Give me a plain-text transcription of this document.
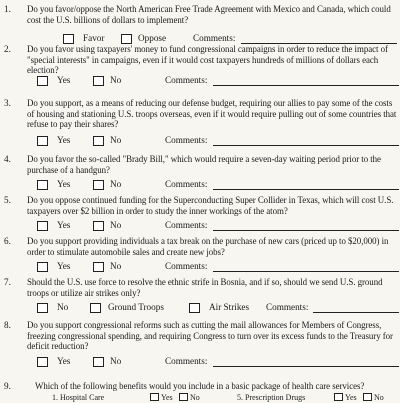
1. Do you favor/oppose the North American Free Trade Agreement with Mexico and Canada, which could cost the U.S. billions of dollars to implement?
Favor	Oppose	Comments:
2. Do you favor using taxpayers' money to fund congressional campaigns in order to reduce the impact of "special interests" in campaigns, even if it would cost taxpayers hundreds of millions of dollars each election?
Yes	No	Comments:
3. Do you support, as a means of reducing our defense budget, requiring our allies to pay some of the costs of housing and stationing U.S. troops overseas, even if it would require pulling out of some countries that refuse to pay their shares?
Yes	No	Comments:
4. Do you favor the so-called "Brady Bill," which would require a seven-day waiting period prior to the purchase of a handgun?
Yes	No	Comments:
5. Do you oppose continued funding for the Superconducting Super Collider in Texas, which will cost U.S. taxpayers over $2 billion in order to study the inner workings of the atom?
Yes	No	Comments:
6. Do you support providing individuals a tax break on the purchase of new cars (priced up to $20,000) in order to stimulate automobile sales and create new jobs?
Yes	No	Comments:
7. Should the U.S. use force to resolve the ethnic strife in Bosnia, and if so, should we send U.S. ground troops or utilize air strikes only?
No	Ground Troops	Air Strikes Comments:
8. Do you support congressional reforms such as cutting the mail allowances for Members of Congress, freezing congressional spending, and requiring Congress to turn over its excess funds to the Treasury for deficit reduction?
Yes	No	Comments:
9.	Which of the following benefits would you include in a basic package of health care services?
1. Hospital Care	Yes No	5. Prescription Drugs	Yes No
